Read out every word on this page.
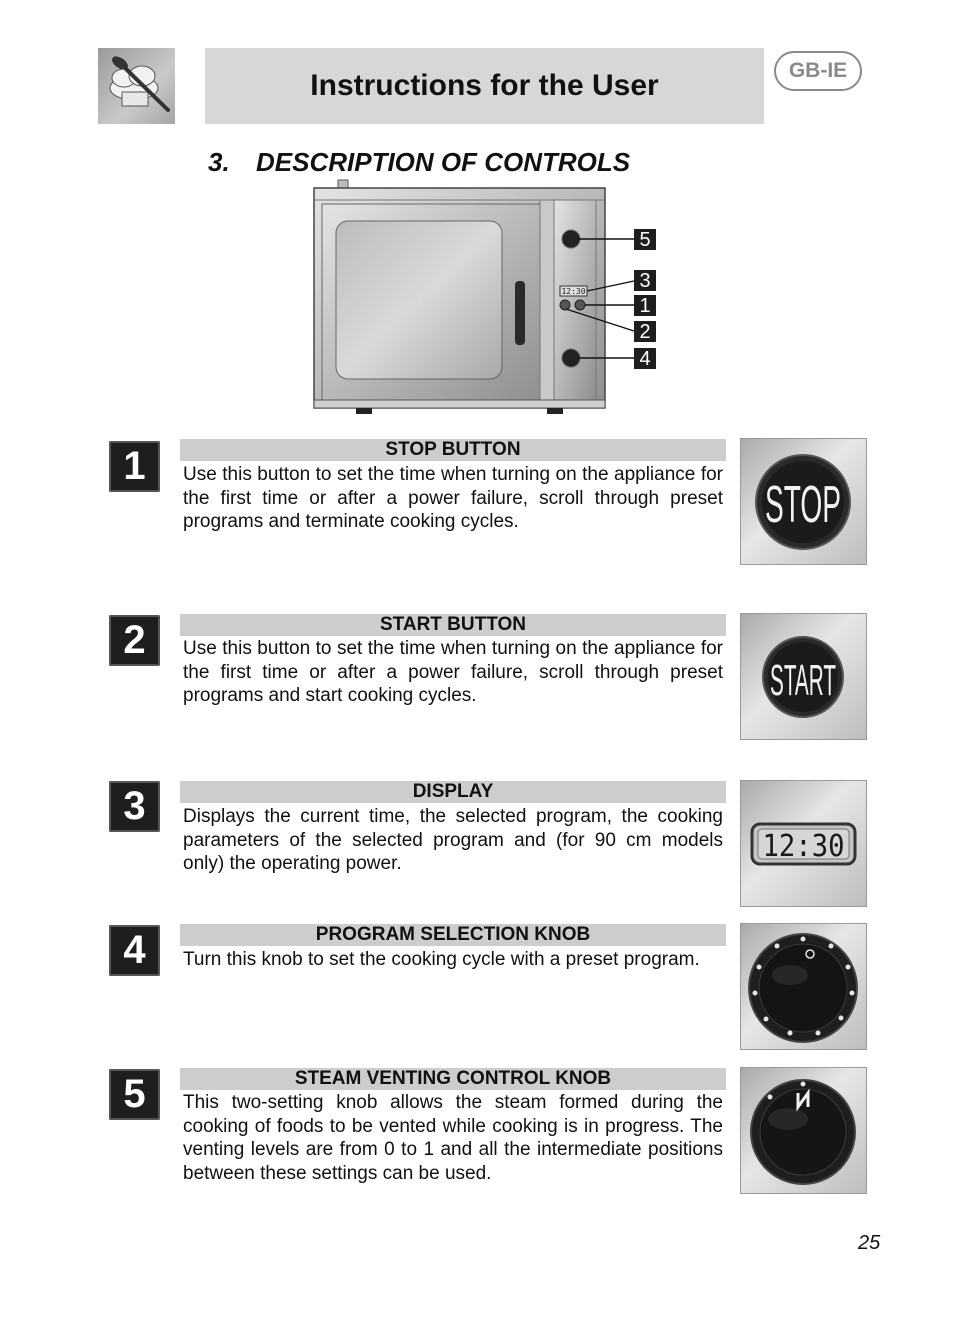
Instructions for the User	GB-IE
3. DESCRIPTION OF CONTROLS
12:30
5
3
1
2
4
1	STOP BUTTON
Use this button to set the time when turning on the appliance for the first time or after a power failure, scroll through preset programs and terminate cooking cycles.	STOP
2	START BUTTON
Use this button to set the time when turning on the appliance for the first time or after a power failure, scroll through preset programs and start cooking cycles.	START
3	DISPLAY
Displays the current time, the selected program, the cooking parameters of the selected program and (for 90 cm models only) the operating power.	12:30
4	PROGRAM SELECTION KNOB
Turn this knob to set the cooking cycle with a preset program.
5	STEAM VENTING CONTROL KNOB
This two-setting knob allows the steam formed during the cooking of foods to be vented while cooking is in progress. The venting levels are from 0 to 1 and all the intermediate positions between these settings can be used.
25
